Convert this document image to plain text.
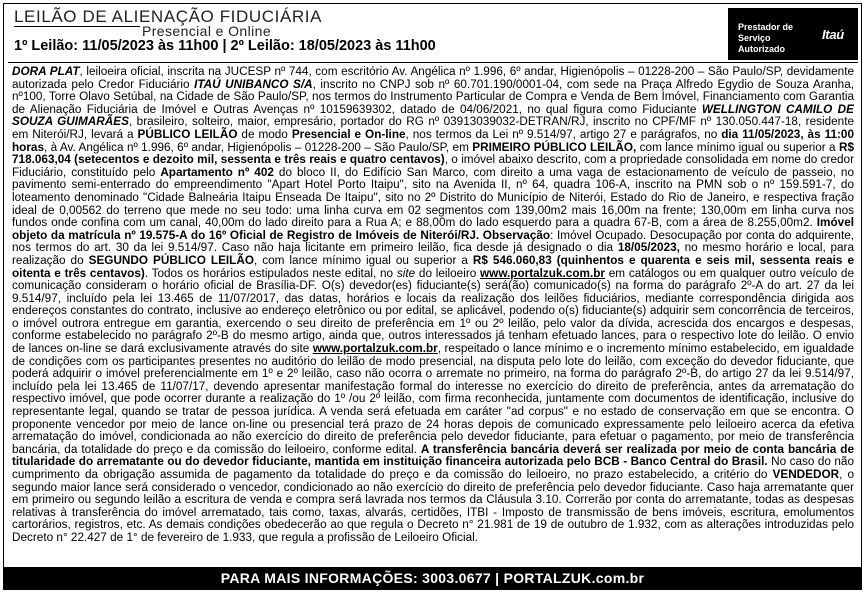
LEILÃO DE ALIENAÇÃO FIDUCIÁRIA
Presencial e Online
1º Leilão: 11/05/2023 às 11h00 | 2º Leilão: 18/05/2023 às 11h00
Prestador de Serviço Autorizado
Itaú

DORA PLAT, leiloeira oficial, inscrita na JUCESP nº 744, com escritório Av. Angélica nº 1.996, 6º andar, Higienópolis – 01228-200 – São Paulo/SP, devidamente autorizada pelo Credor Fiduciário ITAÚ UNIBANCO S/A, inscrito no CNPJ sob nº 60.701.190/0001-04, com sede na Praça Alfredo Egydio de Souza Aranha, nº100, Torre Olavo Setúbal, na Cidade de São Paulo/SP, nos termos do Instrumento Particular de Compra e Venda de Bem Imóvel, Financiamento com Garantia de Alienação Fiduciária de Imóvel e Outras Avenças nº 10159639302, datado de 04/06/2021, no qual figura como Fiduciante WELLINGTON CAMILO DE SOUZA GUIMARÃES, brasileiro, solteiro, maior, empresário, portador do RG nº 03913039032-DETRAN/RJ, inscrito no CPF/MF nº 130.050.447-18, residente em Niterói/RJ, levará a PÚBLICO LEILÃO de modo Presencial e On-line, nos termos da Lei nº 9.514/97, artigo 27 e parágrafos, no dia 11/05/2023, às 11:00 horas, à Av. Angélica nº 1.996, 6º andar, Higienópolis – 01228-200 – São Paulo/SP, em PRIMEIRO PÚBLICO LEILÃO, com lance mínimo igual ou superior a R$ 718.063,04 (setecentos e dezoito mil, sessenta e três reais e quatro centavos), o imóvel abaixo descrito, com a propriedade consolidada em nome do credor Fiduciário, constituído pelo Apartamento nº 402 do bloco II, do Edifício San Marco, com direito a uma vaga de estacionamento de veículo de passeio, no pavimento semi-enterrado do empreendimento "Apart Hotel Porto Itaipu", sito na Avenida II, nº 64, quadra 106-A, inscrito na PMN sob o nº 159.591-7, do loteamento denominado "Cidade Balneária Itaipu Enseada De Itaipu", sito no 2º Distrito do Município de Niterói, Estado do Rio de Janeiro, e respectiva fração ideal de 0,00562 do terreno que mede no seu todo: uma linha curva em 02 segmentos com 139,00m2 mais 16,00m na frente; 130,00m em linha curva nos fundos onde confina com um canal, 40,00m do lado direito para a Rua A; e 88,00m do lado esquerdo para a quadra 67-B, com a área de 8.255,00m2. Imóvel objeto da matrícula nº 19.575-A do 16º Oficial de Registro de Imóveis de Niterói/RJ. Observação: Imóvel Ocupado. Desocupação por conta do adquirente, nos termos do art. 30 da lei 9.514/97. Caso não haja licitante em primeiro leilão, fica desde já designado o dia 18/05/2023, no mesmo horário e local, para realização do SEGUNDO PÚBLICO LEILÃO, com lance mínimo igual ou superior a R$ 546.060,83 (quinhentos e quarenta e seis mil, sessenta reais e oitenta e três centavos). Todos os horários estipulados neste edital, no site do leiloeiro www.portalzuk.com.br em catálogos ou em qualquer outro veículo de comunicação consideram o horário oficial de Brasília-DF. O(s) devedor(es) fiduciante(s) será(ão) comunicado(s) na forma do parágrafo 2º-A do art. 27 da lei 9.514/97, incluído pela lei 13.465 de 11/07/2017, das datas, horários e locais da realização dos leilões fiduciários, mediante correspondência dirigida aos endereços constantes do contrato, inclusive ao endereço eletrônico ou por edital, se aplicável, podendo o(s) fiduciante(s) adquirir sem concorrência de terceiros, o imóvel outrora entregue em garantia, exercendo o seu direito de preferência em 1º ou 2º leilão, pelo valor da dívida, acrescida dos encargos e despesas, conforme estabelecido no parágrafo 2º-B do mesmo artigo, ainda que, outros interessados já tenham efetuado lances, para o respectivo lote do leilão. O envio de lances on-line se dará exclusivamente através do site www.portalzuk.com.br, respeitado o lance mínimo e o incremento mínimo estabelecido, em igualdade de condições com os participantes presentes no auditório do leilão de modo presencial, na disputa pelo lote do leilão, com exceção do devedor fiduciante, que poderá adquirir o imóvel preferencialmente em 1º e 2º leilão, caso não ocorra o arremate no primeiro, na forma do parágrafo 2º-B, do artigo 27 da lei 9.514/97, incluído pela lei 13.465 de 11/07/17, devendo apresentar manifestação formal do interesse no exercício do direito de preferência, antes da arrematação do respectivo imóvel, que pode ocorrer durante a realização do 1º /ou 2º leilão, com firma reconhecida, juntamente com documentos de identificação, inclusive do representante legal, quando se tratar de pessoa jurídica. A venda será efetuada em caráter "ad corpus" e no estado de conservação em que se encontra. O proponente vencedor por meio de lance on-line ou presencial terá prazo de 24 horas depois de comunicado expressamente pelo leiloeiro acerca da efetiva arrematação do imóvel, condicionada ao não exercício do direito de preferência pelo devedor fiduciante, para efetuar o pagamento, por meio de transferência bancária, da totalidade do preço e da comissão do leiloeiro, conforme edital. A transferência bancária deverá ser realizada por meio de conta bancária de titularidade do arrematante ou do devedor fiduciante, mantida em instituição financeira autorizada pelo BCB - Banco Central do Brasil. No caso do não cumprimento da obrigação assumida de pagamento da totalidade do preço e da comissão do leiloeiro, no prazo estabelecido, a critério do VENDEDOR, o segundo maior lance será considerado o vencedor, condicionado ao não exercício do direito de preferência pelo devedor fiduciante. Caso haja arrematante quer em primeiro ou segundo leilão a escritura de venda e compra será lavrada nos termos da Cláusula 3.10. Correrão por conta do arrematante, todas as despesas relativas à transferência do imóvel arrematado, tais como, taxas, alvarás, certidões, ITBI - Imposto de transmissão de bens imóveis, escritura, emolumentos cartorários, registros, etc. As demais condições obedecerão ao que regula o Decreto n° 21.981 de 19 de outubro de 1.932, com as alterações introduzidas pelo Decreto n° 22.427 de 1° de fevereiro de 1.933, que regula a profissão de Leiloeiro Oficial.

PARA MAIS INFORMAÇÕES: 3003.0677 | PORTALZUK.com.br
